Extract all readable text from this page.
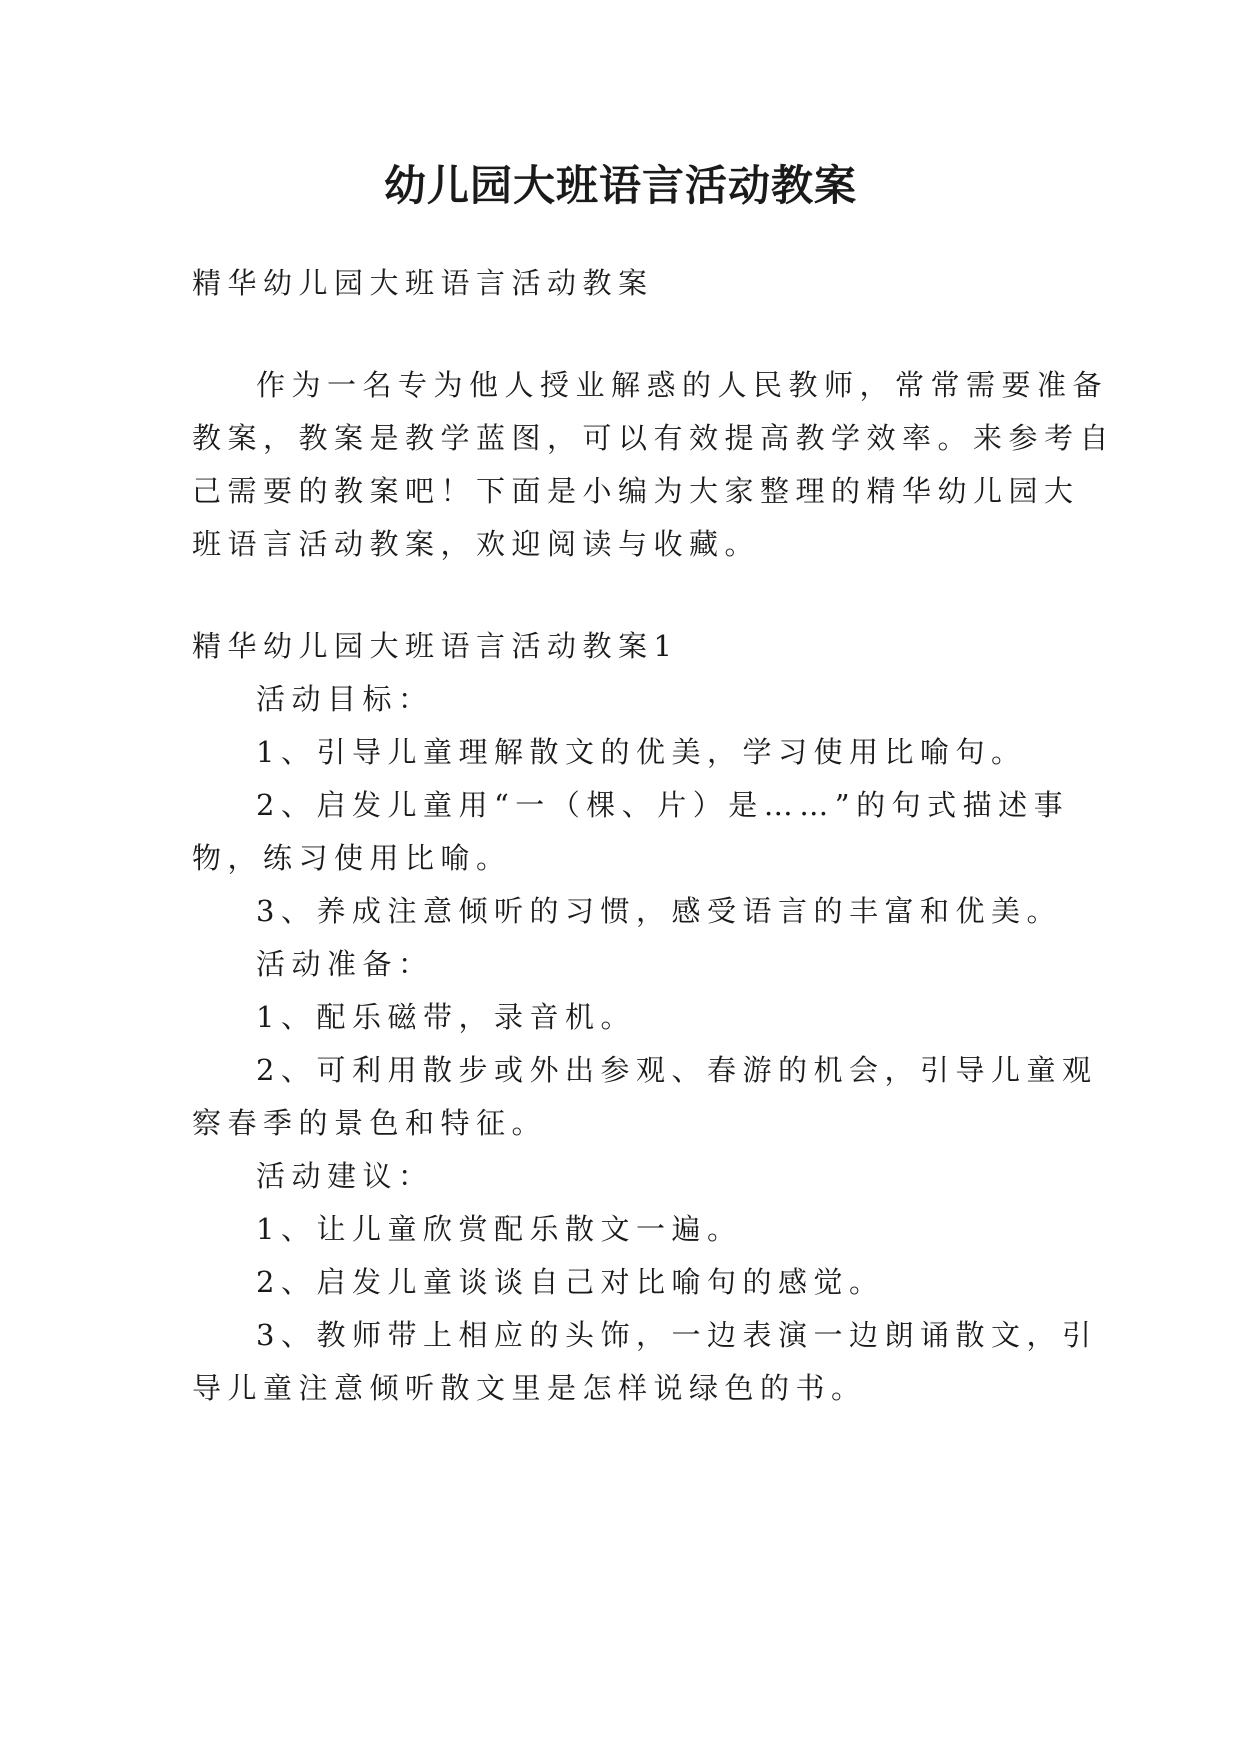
幼儿园大班语言活动教案
精华幼儿园大班语言活动教案
作为一名专为他人授业解惑的人民教师，常常需要准备
教案，教案是教学蓝图，可以有效提高教学效率。来参考自
己需要的教案吧！下面是小编为大家整理的精华幼儿园大
班语言活动教案，欢迎阅读与收藏。
精华幼儿园大班语言活动教案1
活动目标：
1、引导儿童理解散文的优美，学习使用比喻句。
2、启发儿童用“一（棵、片）是……”的句式描述事
物，练习使用比喻。
3、养成注意倾听的习惯，感受语言的丰富和优美。
活动准备：
1、配乐磁带，录音机。
2、可利用散步或外出参观、春游的机会，引导儿童观
察春季的景色和特征。
活动建议：
1、让儿童欣赏配乐散文一遍。
2、启发儿童谈谈自己对比喻句的感觉。
3、教师带上相应的头饰，一边表演一边朗诵散文，引
导儿童注意倾听散文里是怎样说绿色的书。
